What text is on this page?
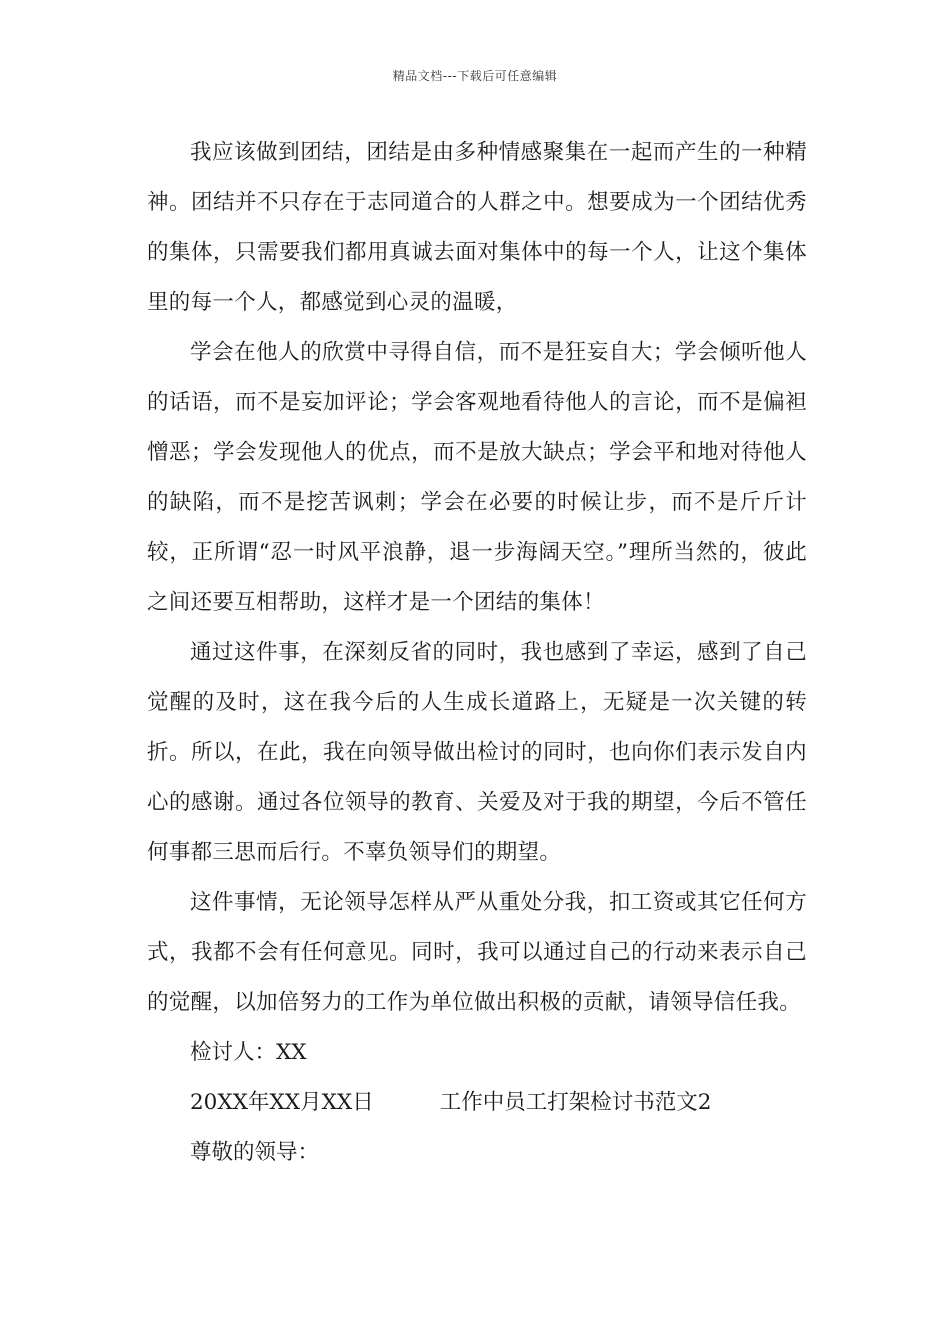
精品文档---下载后可任意编辑

我应该做到团结，团结是由多种情感聚集在一起而产生的一种精神。团结并不只存在于志同道合的人群之中。想要成为一个团结优秀的集体，只需要我们都用真诚去面对集体中的每一个人，让这个集体里的每一个人，都感觉到心灵的温暖，

学会在他人的欣赏中寻得自信，而不是狂妄自大；学会倾听他人的话语，而不是妄加评论；学会客观地看待他人的言论，而不是偏袒憎恶；学会发现他人的优点，而不是放大缺点；学会平和地对待他人的缺陷，而不是挖苦讽刺；学会在必要的时候让步，而不是斤斤计较，正所谓“忍一时风平浪静，退一步海阔天空。”理所当然的，彼此之间还要互相帮助，这样才是一个团结的集体！

通过这件事，在深刻反省的同时，我也感到了幸运，感到了自己觉醒的及时，这在我今后的人生成长道路上，无疑是一次关键的转折。所以，在此，我在向领导做出检讨的同时，也向你们表示发自内心的感谢。通过各位领导的教育、关爱及对于我的期望，今后不管任何事都三思而后行。不辜负领导们的期望。

这件事情，无论领导怎样从严从重处分我，扣工资或其它任何方式，我都不会有任何意见。同时，我可以通过自己的行动来表示自己的觉醒，以加倍努力的工作为单位做出积极的贡献，请领导信任我。

检讨人：XX

20XX年XX月XX日	工作中员工打架检讨书范文2

尊敬的领导：
